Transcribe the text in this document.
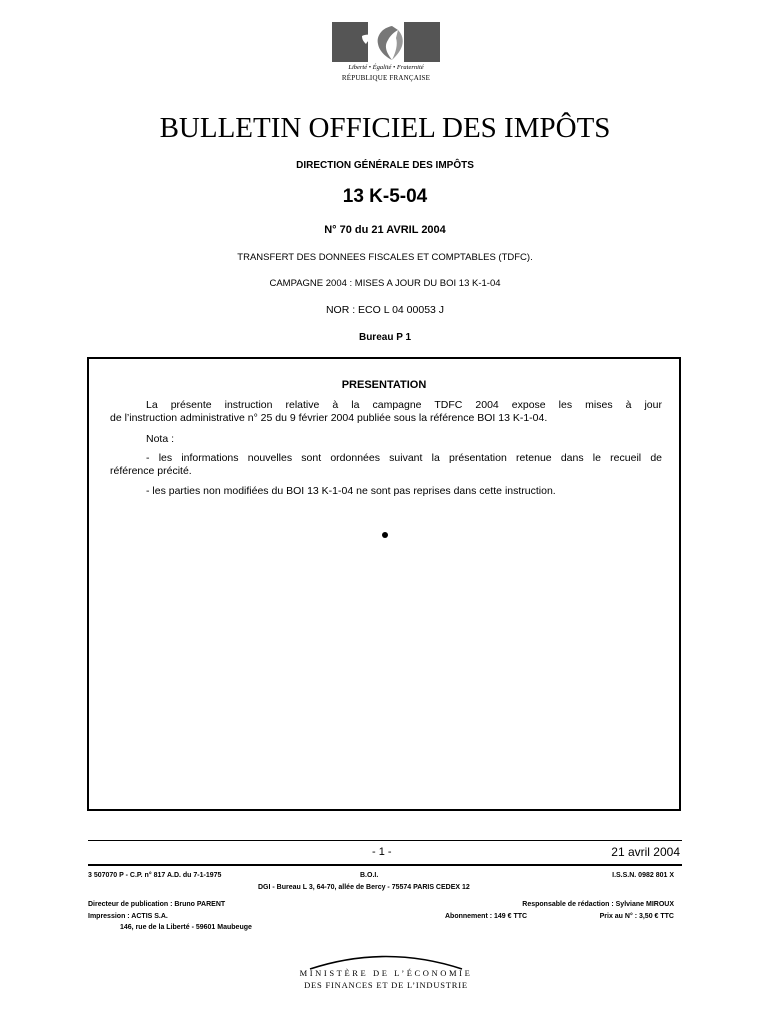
Liberté • Égalité • Fraternité
RÉPUBLIQUE FRANÇAISE
BULLETIN OFFICIEL DES IMPÔTS
DIRECTION GÉNÉRALE DES IMPÔTS
13 K-5-04
N° 70 du 21 AVRIL 2004
TRANSFERT DES DONNEES FISCALES ET COMPTABLES (TDFC).
CAMPAGNE 2004 : MISES A JOUR DU BOI 13 K-1-04
NOR : ECO L 04 00053 J
Bureau P 1
PRESENTATION
La présente instruction relative à la campagne TDFC 2004 expose les mises à jour
de l’instruction administrative n° 25 du 9 février 2004 publiée sous la référence BOI 13 K-1-04.
Nota :
- les informations nouvelles sont ordonnées suivant la présentation retenue dans le recueil de
référence précité.
- les parties non modifiées du BOI 13 K-1-04 ne sont pas reprises dans cette instruction.
- 1 -	21 avril 2004
3 507070 P - C.P. n° 817 A.D. du 7-1-1975	B.O.I.	I.S.S.N. 0982 801 X
DGI - Bureau L 3, 64-70, allée de Bercy - 75574 PARIS CEDEX 12
Directeur de publication : Bruno PARENT	Responsable de rédaction : Sylviane MIROUX
Impression : ACTIS S.A.	Abonnement : 149 € TTC	Prix au N° : 3,50 € TTC
146, rue de la Liberté - 59601 Maubeuge
MINISTÈRE DE L’ÉCONOMIE
DES FINANCES ET DE L’INDUSTRIE
